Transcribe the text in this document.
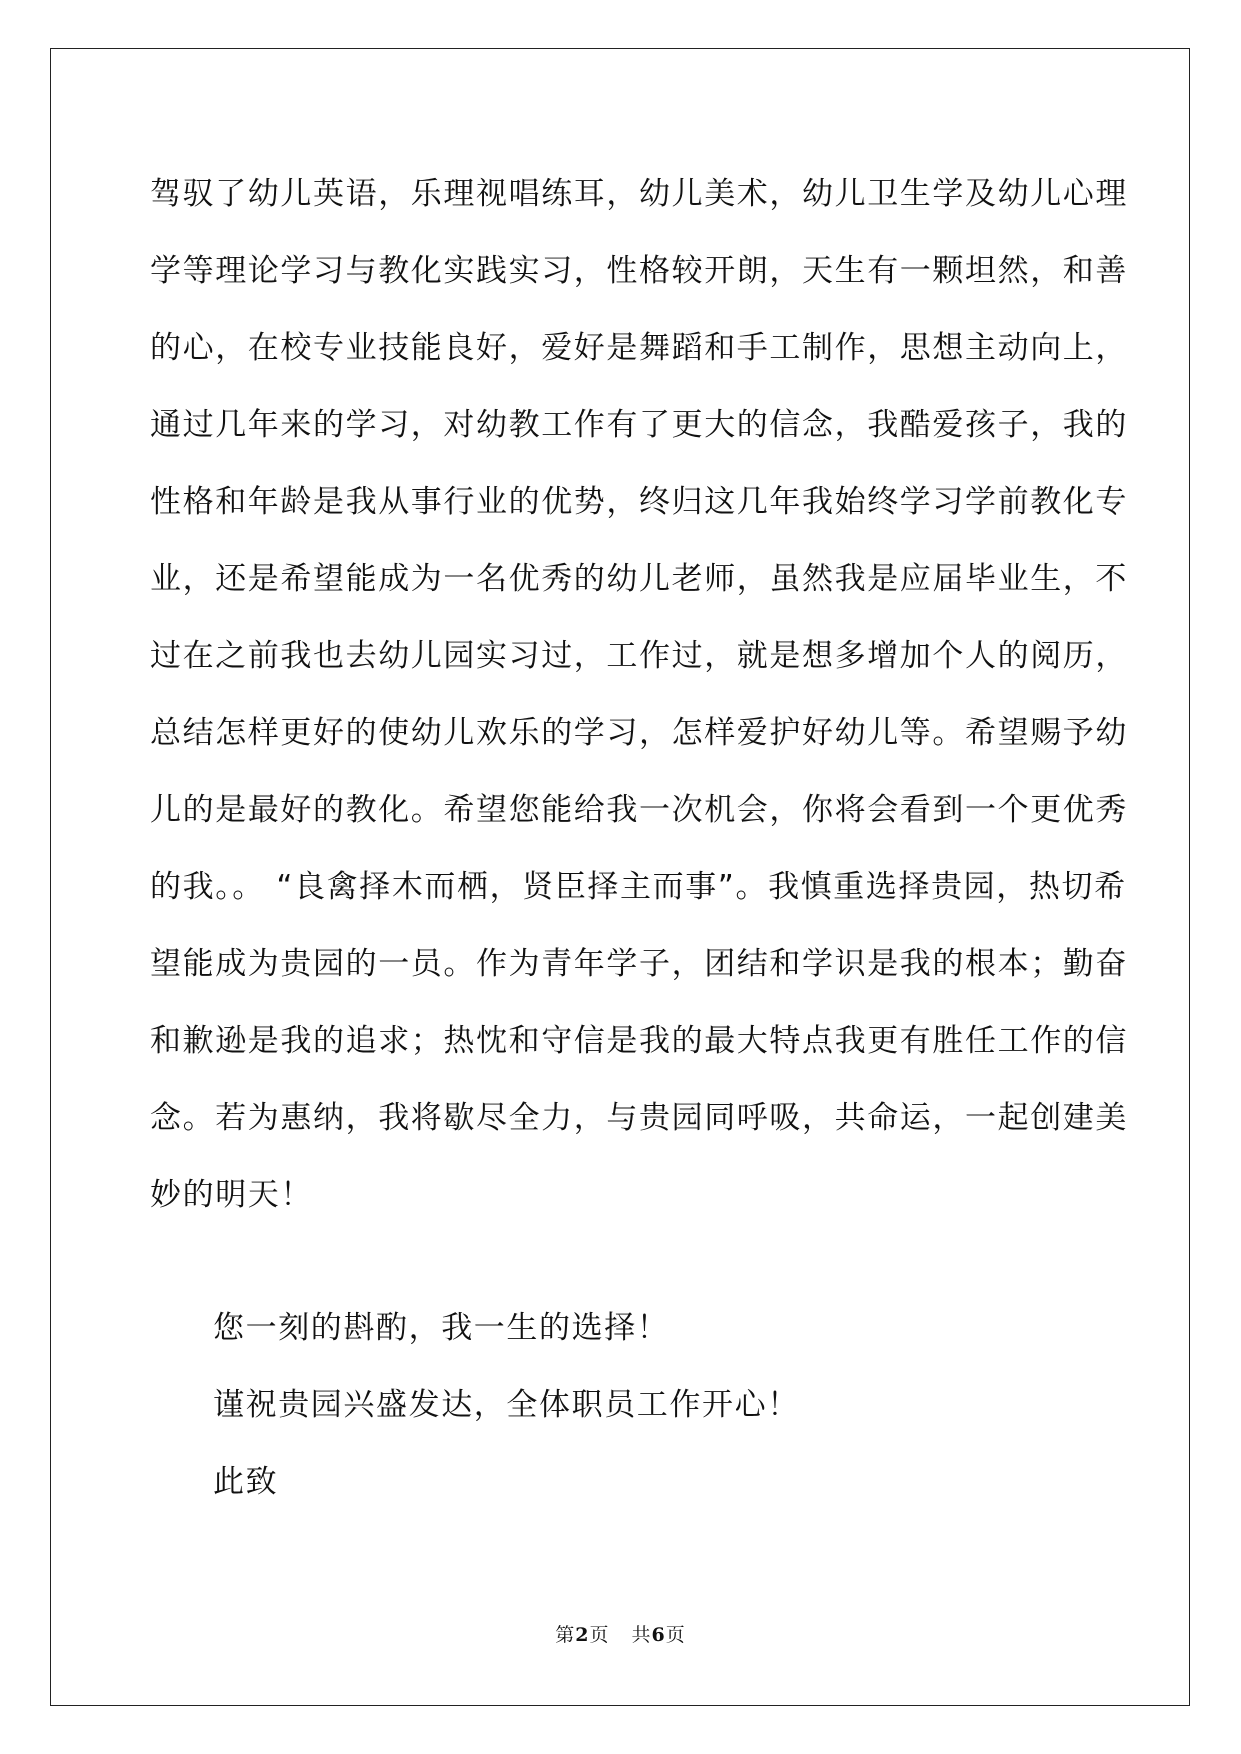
驾驭了幼儿英语，乐理视唱练耳，幼儿美术，幼儿卫生学及幼儿心理
学等理论学习与教化实践实习，性格较开朗，天生有一颗坦然，和善
的心，在校专业技能良好，爱好是舞蹈和手工制作，思想主动向上，
通过几年来的学习，对幼教工作有了更大的信念，我酷爱孩子，我的
性格和年龄是我从事行业的优势，终归这几年我始终学习学前教化专
业，还是希望能成为一名优秀的幼儿老师，虽然我是应届毕业生，不
过在之前我也去幼儿园实习过，工作过，就是想多增加个人的阅历，
总结怎样更好的使幼儿欢乐的学习，怎样爱护好幼儿等。希望赐予幼
儿的是最好的教化。希望您能给我一次机会，你将会看到一个更优秀
的我。。 “良禽择木而栖，贤臣择主而事”。我慎重选择贵园，热切希
望能成为贵园的一员。作为青年学子，团结和学识是我的根本；勤奋
和歉逊是我的追求；热忱和守信是我的最大特点我更有胜任工作的信
念。若为惠纳，我将歇尽全力，与贵园同呼吸，共命运，一起创建美
妙的明天！
您一刻的斟酌，我一生的选择！
谨祝贵园兴盛发达，全体职员工作开心！
此致
第2页 共6页
